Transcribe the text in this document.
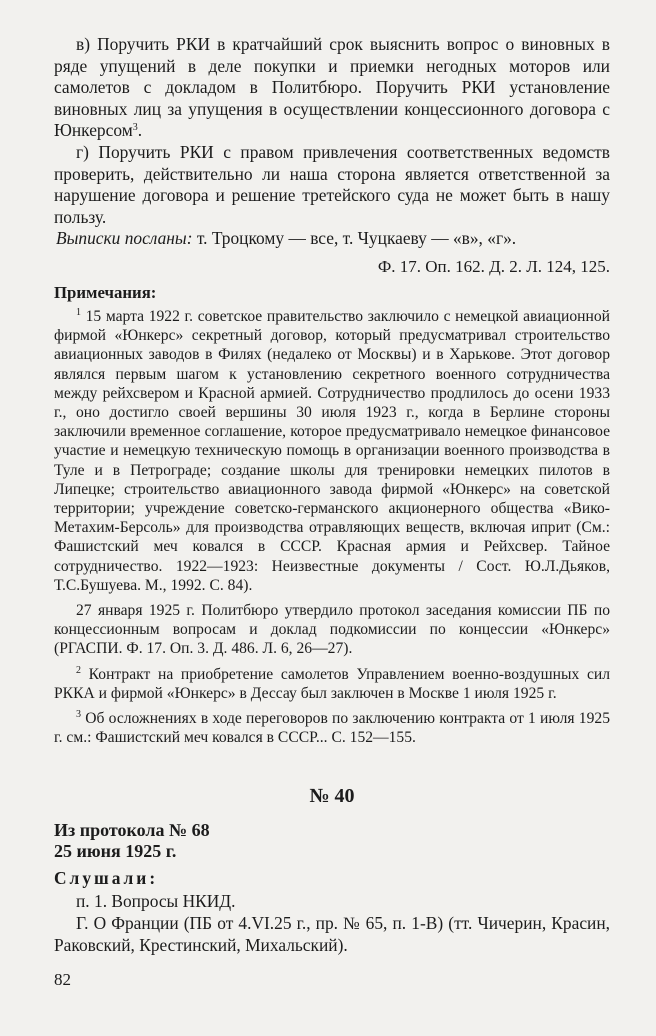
в) Поручить РКИ в кратчайший срок выяснить вопрос о виновных в ряде упущений в деле покупки и приемки негодных моторов или самолетов с докладом в Политбюро. Поручить РКИ установление виновных лиц за упущения в осуществлении концессионного договора с Юнкерсом$^3$.

г) Поручить РКИ с правом привлечения соответственных ведомств проверить, действительно ли наша сторона является ответственной за нарушение договора и решение третейского суда не может быть в нашу пользу.

Выписки посланы: т. Троцкому — все, т. Чуцкаеву — «в», «г».

Ф. 17. Оп. 162. Д. 2. Л. 124, 125.

Примечания:

$^1$ 15 марта 1922 г. советское правительство заключило с немецкой авиационной фирмой «Юнкерс» секретный договор, который предусматривал строительство авиационных заводов в Филях (недалеко от Москвы) и в Харькове. Этот договор являлся первым шагом к установлению секретного военного сотрудничества между рейхсвером и Красной армией. Сотрудничество продлилось до осени 1933 г., оно достигло своей вершины 30 июля 1923 г., когда в Берлине стороны заключили временное соглашение, которое предусматривало немецкое финансовое участие и немецкую техническую помощь в организации военного производства в Туле и в Петрограде; создание школы для тренировки немецких пилотов в Липецке; строительство авиационного завода фирмой «Юнкерс» на советской территории; учреждение советско-германского акционерного общества «Вико-Метахим-Берсоль» для производства отравляющих веществ, включая иприт (См.: Фашистский меч ковался в СССР. Красная армия и Рейхсвер. Тайное сотрудничество. 1922—1923: Неизвестные документы / Сост. Ю.Л.Дьяков, Т.С.Бушуева. М., 1992. С. 84).

27 января 1925 г. Политбюро утвердило протокол заседания комиссии ПБ по концессионным вопросам и доклад подкомиссии по концессии «Юнкерс» (РГАСПИ. Ф. 17. Оп. 3. Д. 486. Л. 6, 26—27).

$^2$ Контракт на приобретение самолетов Управлением военно-воздушных сил РККА и фирмой «Юнкерс» в Дессау был заключен в Москве 1 июля 1925 г.

$^3$ Об осложнениях в ходе переговоров по заключению контракта от 1 июля 1925 г. см.: Фашистский меч ковался в СССР... С. 152—155.

№ 40

Из протокола № 68

25 июня 1925 г.

Слушали:

п. 1. Вопросы НКИД.

Г. О Франции (ПБ от 4.VI.25 г., пр. № 65, п. 1-В) (тт. Чичерин, Красин, Раковский, Крестинский, Михальский).

82
